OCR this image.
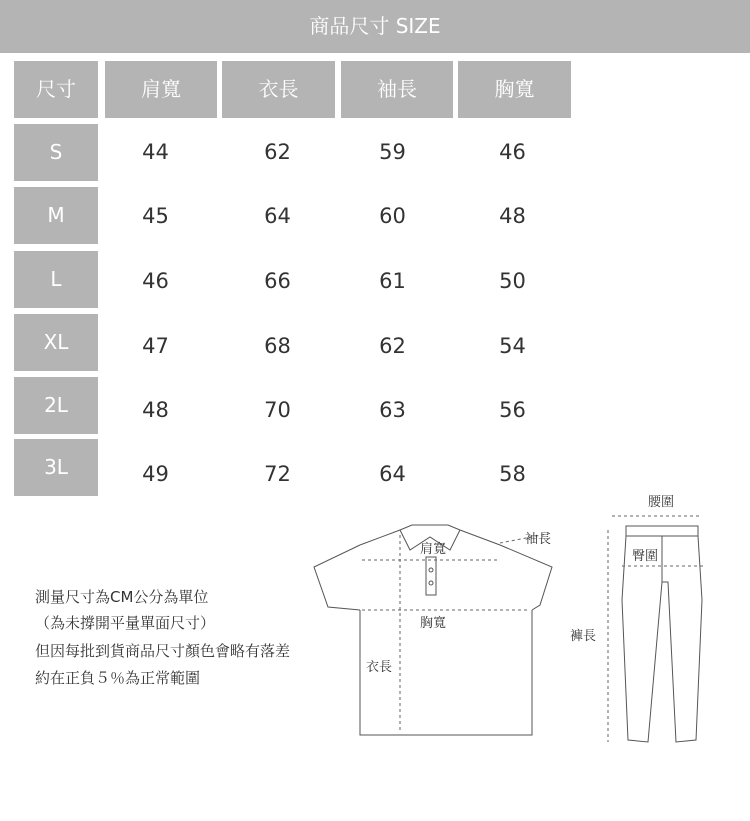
商品尺寸 SIZE
尺寸	肩寬	衣長	袖長	胸寬
S	44	62	59	46
M	45	64	60	48
L	46	66	61	50
XL	47	68	62	54
2L	48	70	63	56
3L	49	72	64	58
測量尺寸為CM公分為單位
（為未撐開平量單面尺寸）
但因每批到貨商品尺寸顏色會略有落差
約在正負５％為正常範圍
肩寬
袖長
胸寬
衣長
腰圍
臀圍
褲長
